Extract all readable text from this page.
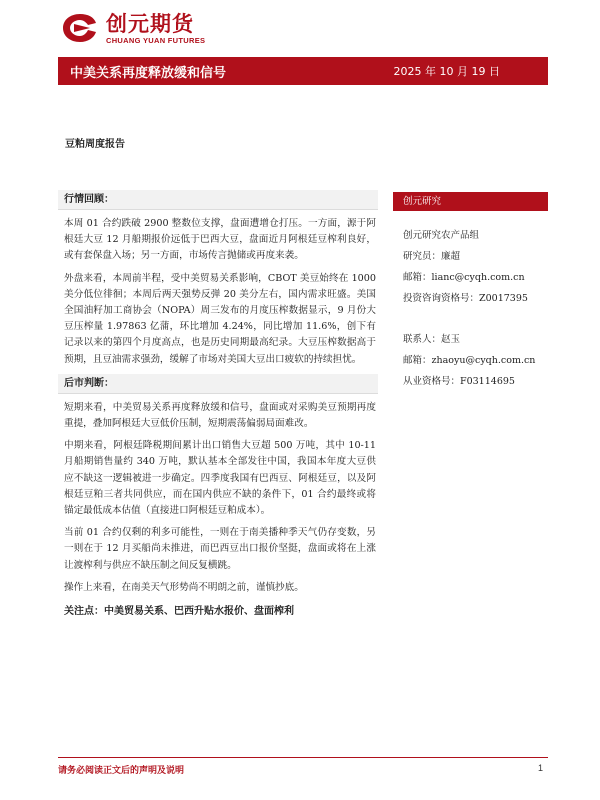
创元期货
CHUANG YUAN FUTURES
中美关系再度释放缓和信号	2025 年 10 月 19 日
豆粕周度报告
行情回顾：

本周 01 合约跌破 2900 整数位支撑，盘面遭增仓打压。一方面，源于阿根廷大豆 12 月船期报价远低于巴西大豆，盘面近月阿根廷豆榨利良好，或有套保盘入场；另一方面，市场传言抛储或再度来袭。

外盘来看，本周前半程，受中美贸易关系影响，CBOT 美豆始终在 1000 美分低位徘徊；本周后两天强势反弹 20 美分左右，国内需求旺盛。美国全国油籽加工商协会（NOPA）周三发布的月度压榨数据显示，9 月份大豆压榨量 1.97863 亿蒲，环比增加 4.24%，同比增加 11.6%，创下有记录以来的第四个月度高点，也是历史同期最高纪录。大豆压榨数据高于预期，且豆油需求强劲，缓解了市场对美国大豆出口疲软的持续担忧。

后市判断：

短期来看，中美贸易关系再度释放缓和信号，盘面或对采购美豆预期再度重提，叠加阿根廷大豆低价压制，短期震荡偏弱局面难改。

中期来看，阿根廷降税期间累计出口销售大豆超 500 万吨，其中 10-11 月船期销售量约 340 万吨，默认基本全部发往中国，我国本年度大豆供应不缺这一逻辑被进一步确定。四季度我国有巴西豆、阿根廷豆，以及阿根廷豆粕三者共同供应，而在国内供应不缺的条件下，01 合约最终或将锚定最低成本估值（直接进口阿根廷豆粕成本）。

当前 01 合约仅剩的利多可能性，一则在于南美播种季天气仍存变数，另一则在于 12 月买船尚未推进，而巴西豆出口报价坚挺，盘面或将在上涨让渡榨利与供应不缺压制之间反复横跳。

操作上来看，在南美天气形势尚不明朗之前，谨慎抄底。

关注点：中美贸易关系、巴西升贴水报价、盘面榨利
创元研究
创元研究农产品组
研究员：廉超
邮箱：lianc@cyqh.com.cn
投资咨询资格号：Z0017395
联系人：赵玉
邮箱：zhaoyu@cyqh.com.cn
从业资格号：F03114695
请务必阅读正文后的声明及说明	1
